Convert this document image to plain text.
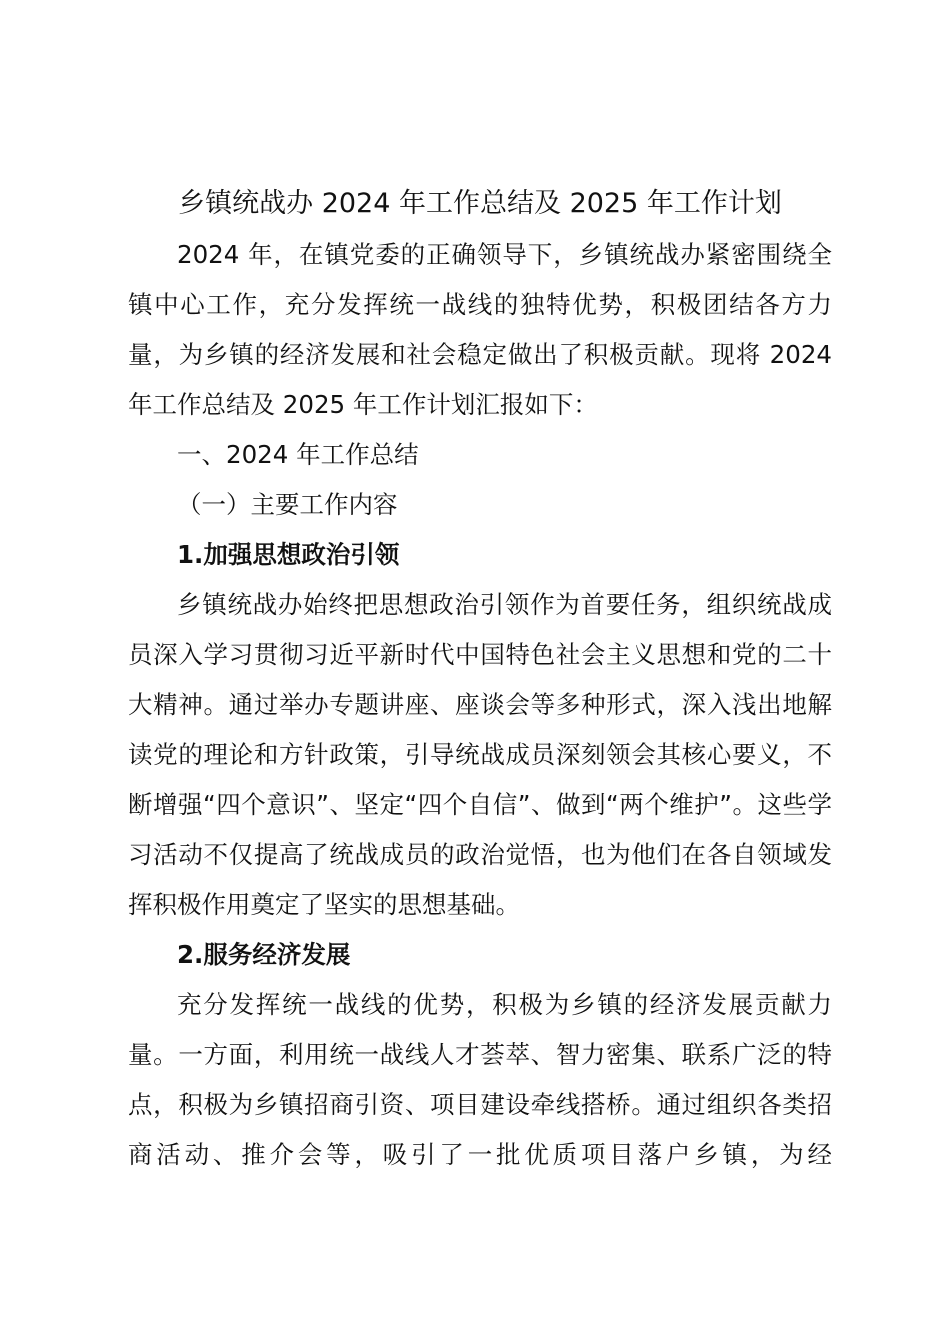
乡镇统战办 2024 年工作总结及 2025 年工作计划

2024 年，在镇党委的正确领导下，乡镇统战办紧密围绕全镇中心工作，充分发挥统一战线的独特优势，积极团结各方力量，为乡镇的经济发展和社会稳定做出了积极贡献。现将 2024 年工作总结及 2025 年工作计划汇报如下：

一、2024 年工作总结

（一）主要工作内容

1.加强思想政治引领

乡镇统战办始终把思想政治引领作为首要任务，组织统战成员深入学习贯彻习近平新时代中国特色社会主义思想和党的二十大精神。通过举办专题讲座、座谈会等多种形式，深入浅出地解读党的理论和方针政策，引导统战成员深刻领会其核心要义，不断增强“四个意识”、坚定“四个自信”、做到“两个维护”。这些学习活动不仅提高了统战成员的政治觉悟，也为他们在各自领域发挥积极作用奠定了坚实的思想基础。

2.服务经济发展

充分发挥统一战线的优势，积极为乡镇的经济发展贡献力量。一方面，利用统一战线人才荟萃、智力密集、联系广泛的特点，积极为乡镇招商引资、项目建设牵线搭桥。通过组织各类招商活动、推介会等，吸引了一批优质项目落户乡镇，为经
